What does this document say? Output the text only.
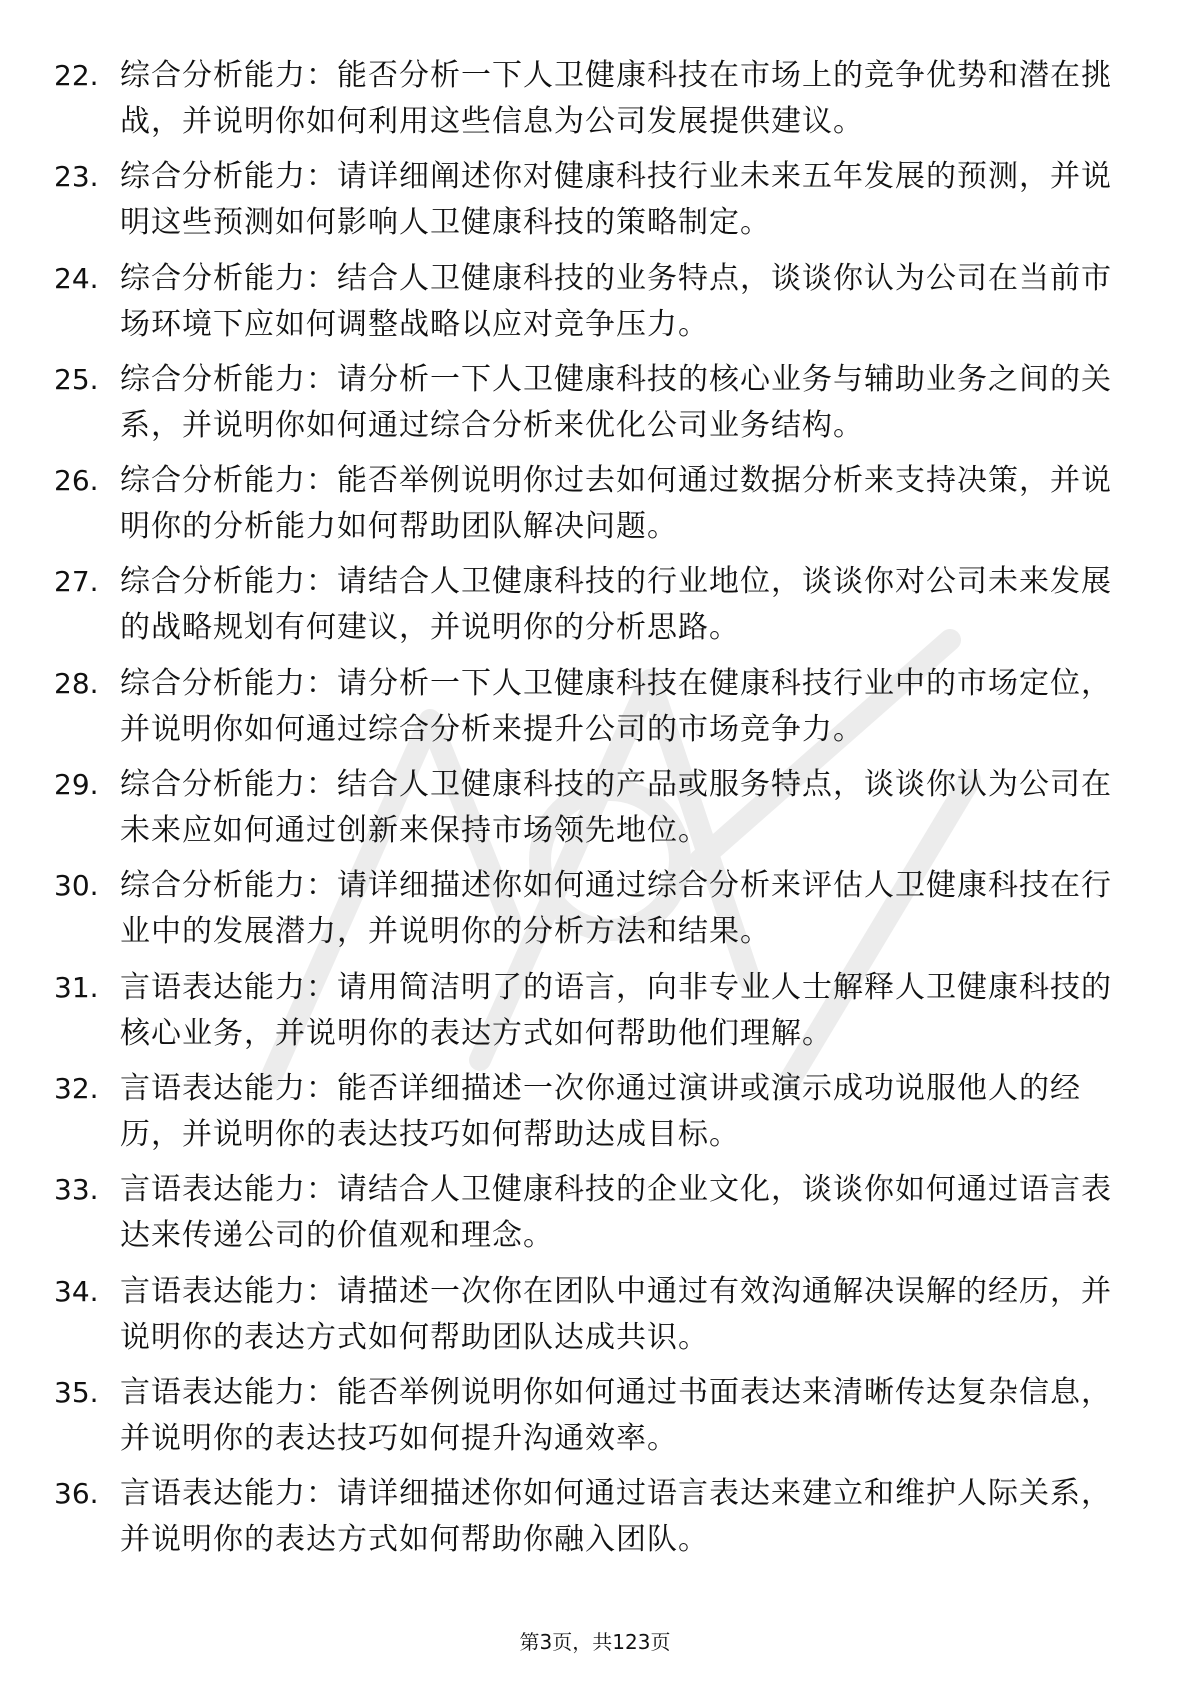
22. 综合分析能力：能否分析一下人卫健康科技在市场上的竞争优势和潜在挑战，并说明你如何利用这些信息为公司发展提供建议。
23. 综合分析能力：请详细阐述你对健康科技行业未来五年发展的预测，并说明这些预测如何影响人卫健康科技的策略制定。
24. 综合分析能力：结合人卫健康科技的业务特点，谈谈你认为公司在当前市场环境下应如何调整战略以应对竞争压力。
25. 综合分析能力：请分析一下人卫健康科技的核心业务与辅助业务之间的关系，并说明你如何通过综合分析来优化公司业务结构。
26. 综合分析能力：能否举例说明你过去如何通过数据分析来支持决策，并说明你的分析能力如何帮助团队解决问题。
27. 综合分析能力：请结合人卫健康科技的行业地位，谈谈你对公司未来发展的战略规划有何建议，并说明你的分析思路。
28. 综合分析能力：请分析一下人卫健康科技在健康科技行业中的市场定位，并说明你如何通过综合分析来提升公司的市场竞争力。
29. 综合分析能力：结合人卫健康科技的产品或服务特点，谈谈你认为公司在未来应如何通过创新来保持市场领先地位。
30. 综合分析能力：请详细描述你如何通过综合分析来评估人卫健康科技在行业中的发展潜力，并说明你的分析方法和结果。
31. 言语表达能力：请用简洁明了的语言，向非专业人士解释人卫健康科技的核心业务，并说明你的表达方式如何帮助他们理解。
32. 言语表达能力：能否详细描述一次你通过演讲或演示成功说服他人的经历，并说明你的表达技巧如何帮助达成目标。
33. 言语表达能力：请结合人卫健康科技的企业文化，谈谈你如何通过语言表达来传递公司的价值观和理念。
34. 言语表达能力：请描述一次你在团队中通过有效沟通解决误解的经历，并说明你的表达方式如何帮助团队达成共识。
35. 言语表达能力：能否举例说明你如何通过书面表达来清晰传达复杂信息，并说明你的表达技巧如何提升沟通效率。
36. 言语表达能力：请详细描述你如何通过语言表达来建立和维护人际关系，并说明你的表达方式如何帮助你融入团队。
第3页，共123页
